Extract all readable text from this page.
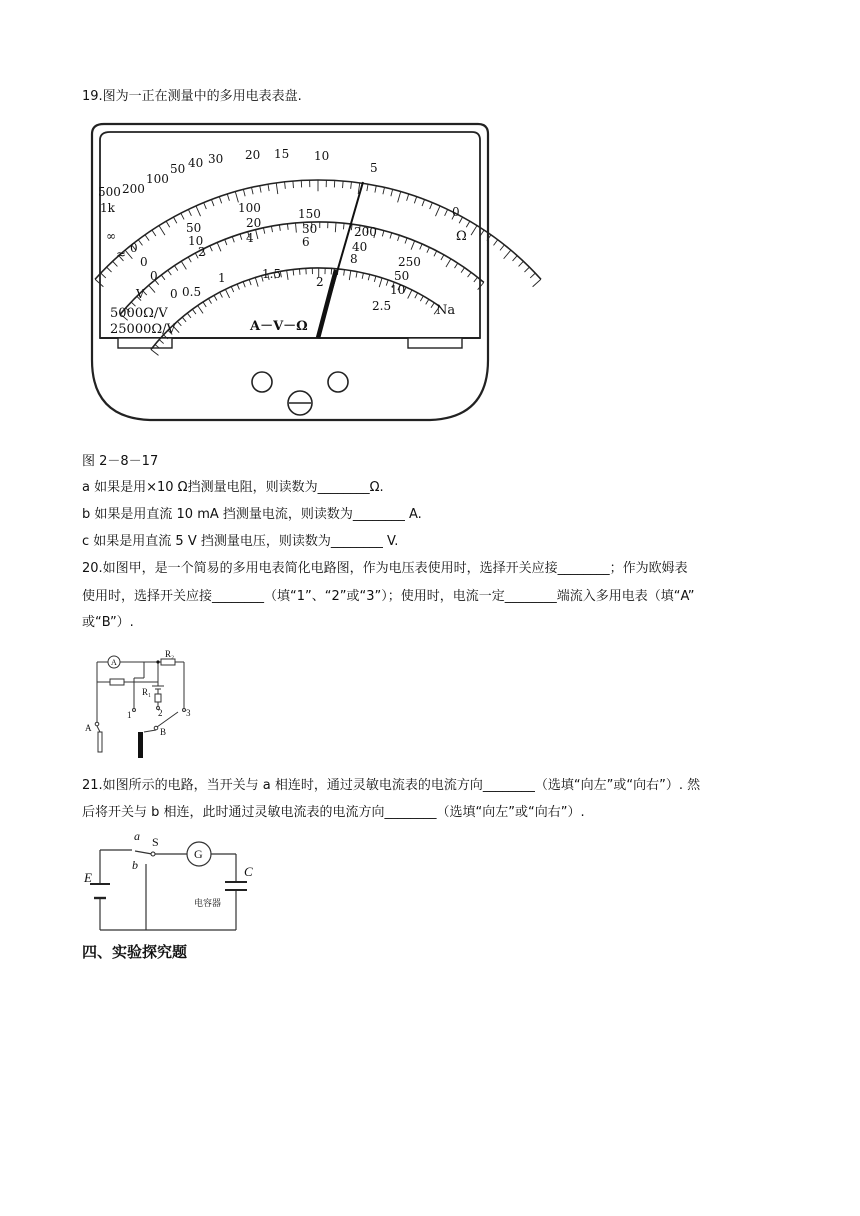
19.图为一正在测量中的多用电表表盘.
500
1k
200
100
50 40 30 20 15 10
5
0
Ω
∞
≈
100	150
200
250
50	20	30
40
50
10	4	6
8
10
2
0
0
0
0 0.5
1	1.5
2
2.5
V
5000Ω/V
25000Ω/V	A－V－Ω
Na
图 2－8－17
a 如果是用×10 Ω挡测量电阻，则读数为________Ω.
b 如果是用直流 10 mA 挡测量电流，则读数为________ A.
c 如果是用直流 5 V 挡测量电压，则读数为________ V.
20.如图甲，是一个简易的多用电表简化电路图，作为电压表使用时，选择开关应接________；作为欧姆表
使用时，选择开关应接________（填“1”、“2”或“3”）；使用时，电流一定________端流入多用电表（填“A”
或“B”）.
A
R₂
R₁
1	2	3
A	B
21.如图所示的电路，当开关与 a 相连时，通过灵敏电流表的电流方向________（选填“向左”或“向右”）. 然
后将开关与 b 相连，此时通过灵敏电流表的电流方向________（选填“向左”或“向右”）.
a
b
S
G
E	C
电容器
四、实验探究题
